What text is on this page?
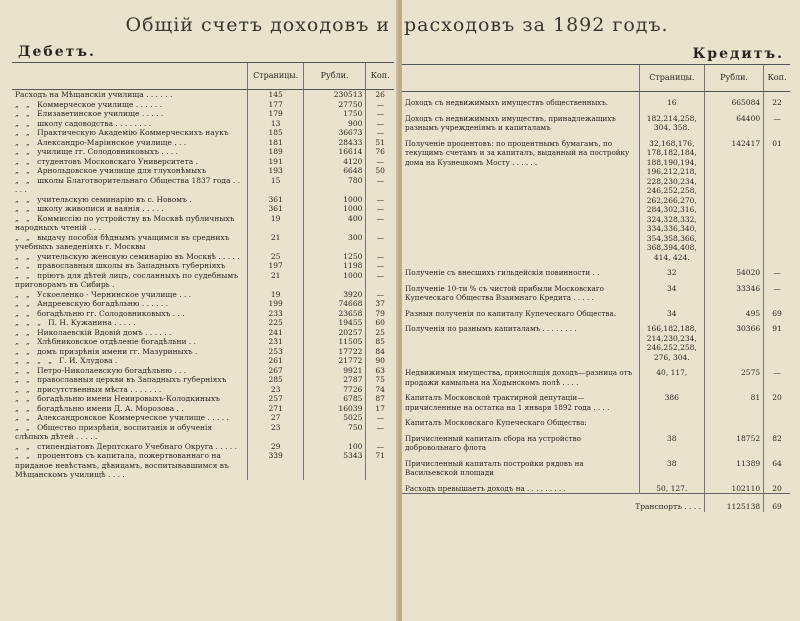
Общій счетъ доходовъ и
Дебетъ.
	Страницы.	Рубли.	Коп.
Расходъ на Мѣщанскія училища . . . . . .	145	230513	26
„   „   Коммерческое училище . . . . . .	177	27750	—
„   „   Елизаветинское училище . . . . .	179	1750	—
„   „   школу садоводства . . . . . . . .	13	900	—
„   „   Практическую Академію Коммерческихъ наукъ	185	36673	—
„   „   Александро-Маріинское училище . . .	181	28433	51
„   „   училище гг. Солодовниковыхъ . . . .	189	16614	76
„   „   студентовъ Московскаго Университета .	191	4120	—
„   „   Арнольдовское училище для глухонѣмыхъ	193	6648	50
„   „   школы Благотворительнаго Общества 1837 года . . . . .	15	780	—
„   „   учительскую семинарію въ с. Новомъ .	361	1000	—
„   „   школу живописи и ваянія . . . . .	361	1000	—
„   „   Коммиссію по устройству въ Москвѣ публичныхъ народныхъ чтеній . . .	19	400	—
„   „   выдачу пособія бѣднымъ учащимся въ среднихъ учебныхъ заведеніяхъ г. Москвы	21	300	—
„   „   учительскую женскую семинарію въ Москвѣ . . . . .	25	1250	—
„   „   православныя школы въ Западныхъ губерніяхъ	197	1198	—
„   „   пріютъ для дѣтей лицъ, сосланныхъ по судебнымъ приговорамъ въ Сибирь .	21	1000	—
„   „   Ускоеленко - Чернинское училище . . .	19	3920	—
„   „   Андреевскую богадѣльню . . . . . .	199	74668	37
„   „   богадѣльню гг. Солодовниковыхъ . . .	233	23658	79
„   „   „   П. Н. Кужанина . . . . .	225	19455	60
„   „   Николаевскій Вдовій домъ . . . . . .	241	20257	25
„   „   Хлѣбниковское отдѣленіе богадѣльни . .	231	11505	85
„   „   домъ призрѣнія имени гг. Мазуриныхъ .	253	17722	84
„   „   „   „   Г. И. Хлудова .	261	21772	90
„   „   Петро-Николаевскую богадѣльню . . .	267	9921	63
„   „   православныя церкви въ Западныхъ губерніяхъ	285	2787	75
„   „   присутственныя мѣста . . . . . . .	23	7726	74
„   „   богадѣльню имени Неиировыхъ-Колодкиныхъ	257	6785	87
„   „   богадѣльню имени Д. А. Морозова . .	271	16039	17
„   „   Александровское Коммерческое училище . . . . .	27	5025	—
„   „   Общество призрѣнія, воспитанія и обученія слѣпыхъ дѣтей . . . . .	23	750	—
„   „   стипендіатовъ Дерптскаго Учебнаго Округа . . . . .	29	100	—
„   „   процентовъ съ капитала, пожертвованнаго на приданое невѣстамъ, дѣвицамъ, воспитывавшимся въ Мѣщанскомъ училищѣ . . . .	339	5343	71
расходовъ за 1892 годъ.
Кредитъ.
	Страницы.	Рубли.	Коп.
Доходъ съ недвижимыхъ имуществъ общественныхъ.	16	665084	22
Доходъ съ недвижимыхъ имуществъ, принадлежащихъ разнымъ учрежденіямъ и капиталамъ	182,214,258, 304, 358.	64400	—
Полученіе процентовъ: по процентнымъ бумагамъ, по текущимъ счетамъ и за капиталъ, выданный на постройку дома на Кузнецкомъ Мосту . . . . . .	32,168,176, 178,182,184, 188,190,194, 196,212,218, 228,230,234, 246,252,258, 262,266,270, 284,302,316, 324,328,332, 334,336,340, 354,358,366, 368,394,408, 414, 424.	142417	01
Полученіе съ внесшихъ гильдейскія повинности . .	32	54020	—
Полученіе 10-ти % съ чистой прибыли Московскаго Купеческаго Общества Взаимнаго Кредита . . . . .	34	33346	—
Разныя полученія по капиталу Купеческаго Общества.	34	495	69
Полученія по разнымъ капиталамъ . . . . . . . .	166,182,188, 214,230,234, 246,252,258, 276, 304.	30366	91
Недвижимыя имущества, приносящія доходъ—разница отъ продажи камыльна на Ходынскомъ полѣ . . . .	40, 117,	2575	—
Капиталъ Московской трактирной депутаціи—причисленные на остатка на 1 января 1892 года . . . .	386	81	20
Капиталъ Московскаго Купеческаго Общества:			
Причисленный капиталъ сбора на устройство добровольнаго флота	38	18752	82
Причисленный капиталъ постройки рядовъ на Васильевской площади	38	11389	64
Расходъ превышаетъ доходъ на . . . . . . . . .	50, 127.	102110	20
Транспортъ . . . .		1125138	69
